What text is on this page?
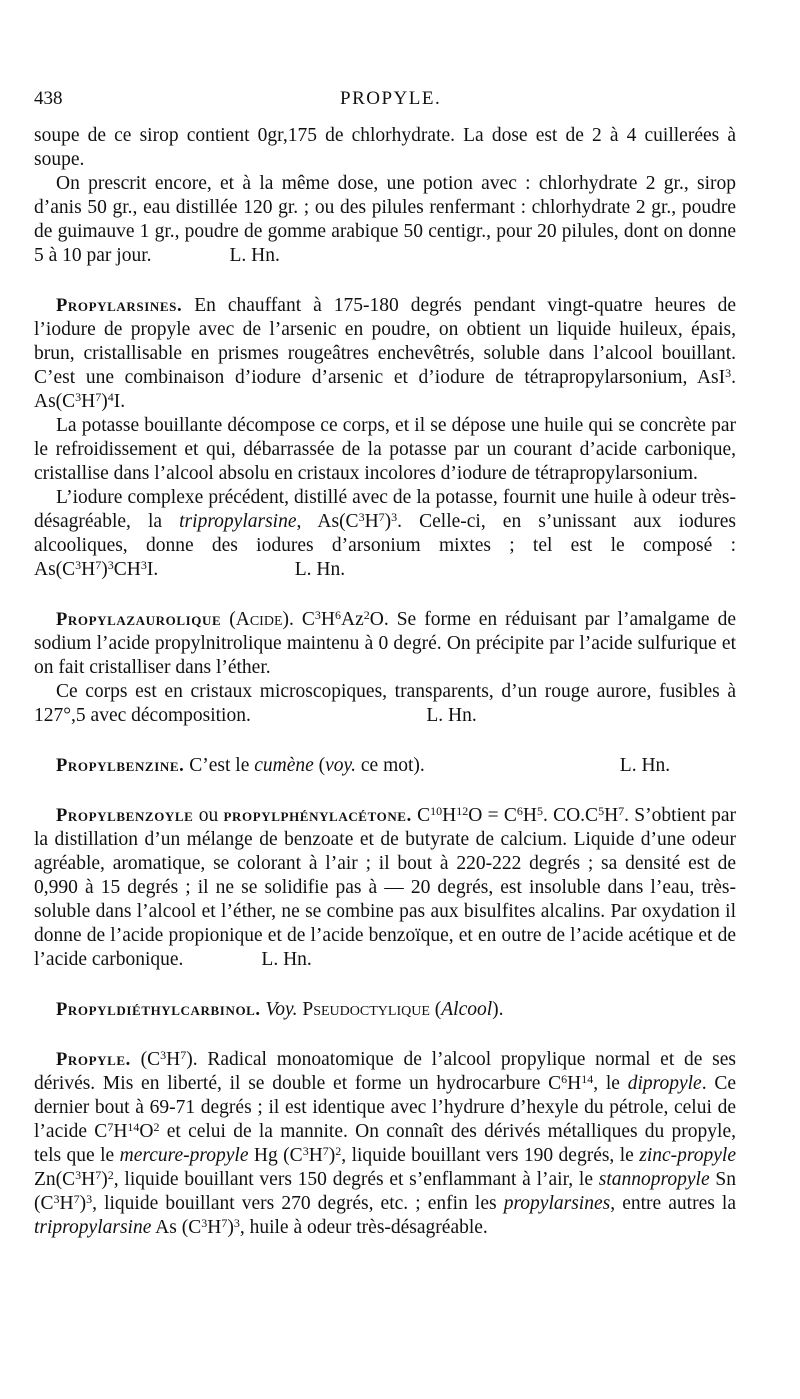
438	PROPYLE.

soupe de ce sirop contient 0gr,175 de chlorhydrate. La dose est de 2 à 4 cuillerées à soupe.

On prescrit encore, et à la même dose, une potion avec : chlorhydrate 2 gr., sirop d’anis 50 gr., eau distillée 120 gr. ; ou des pilules renfermant : chlorhydrate 2 gr., poudre de guimauve 1 gr., poudre de gomme arabique 50 centigr., pour 20 pilules, dont on donne 5 à 10 par jour.    	L. Hn.

Propylarsines. En chauffant à 175-180 degrés pendant vingt-quatre heures de l’iodure de propyle avec de l’arsenic en poudre, on obtient un liquide huileux, épais, brun, cristallisable en prismes rougeâtres enchevêtrés, soluble dans l’alcool bouillant. C’est une combinaison d’iodure d’arsenic et d’iodure de tétrapropylarsonium, AsI$^3$. $As(C^3H^7)^4I$.

La potasse bouillante décompose ce corps, et il se dépose une huile qui se concrète par le refroidissement et qui, débarrassée de la potasse par un courant d’acide carbonique, cristallise dans l’alcool absolu en cristaux incolores d’iodure de tétrapropylarsonium.

L’iodure complexe précédent, distillé avec de la potasse, fournit une huile à odeur très-désagréable, la tripropylarsine, $As(C^3H^7)^3$. Celle-ci, en s’unissant aux iodures alcooliques, donne des iodures d’arsonium mixtes ; tel est le composé : $As(C^3H^7)^3CH^3I$.       	L. Hn.

Propylazaurolique (Acide). $C^3H^6Az^2O$. Se forme en réduisant par l’amalgame de sodium l’acide propylnitrolique maintenu à 0 degré. On précipite par l’acide sulfurique et on fait cristalliser dans l’éther.

Ce corps est en cristaux microscopiques, transparents, d’un rouge aurore, fusibles à 127°,5 avec décomposition.         	L. Hn.

Propylbenzine. C’est le cumène (voy. ce mot).          	L. Hn.

Propylbenzoyle ou propylphénylacétone. $C^{10}H^{12}O = C^6H^5$. $CO.C^5H^7$. S’obtient par la distillation d’un mélange de benzoate et de butyrate de calcium. Liquide d’une odeur agréable, aromatique, se colorant à l’air ; il bout à 220-222 degrés ; sa densité est de 0,990 à 15 degrés ; il ne se solidifie pas à — 20 degrés, est insoluble dans l’eau, très-soluble dans l’alcool et l’éther, ne se combine pas aux bisulfites alcalins. Par oxydation il donne de l’acide propionique et de l’acide benzoïque, et en outre de l’acide acétique et de l’acide carbonique.    	L. Hn.

Propyldiéthylcarbinol. Voy. Pseudoctylique (Alcool).

Propyle. $(C^3H^7)$. Radical monoatomique de l’alcool propylique normal et de ses dérivés. Mis en liberté, il se double et forme un hydrocarbure $C^6H^{14}$, le dipropyle. Ce dernier bout à 69-71 degrés ; il est identique avec l’hydrure d’hexyle du pétrole, celui de l’acide $C^7H^{14}O^2$ et celui de la mannite. On connaît des dérivés métalliques du propyle, tels que le mercure-propyle Hg $(C^3H^7)^2$, liquide bouillant vers 190 degrés, le zinc-propyle $Zn(C^3H^7)^2$, liquide bouillant vers 150 degrés et s’enflammant à l’air, le stannopropyle Sn $(C^3H^7)^3$, liquide bouillant vers 270 degrés, etc. ; enfin les propylarsines, entre autres la tripropylarsine As $(C^3H^7)^3$, huile à odeur très-désagréable.
